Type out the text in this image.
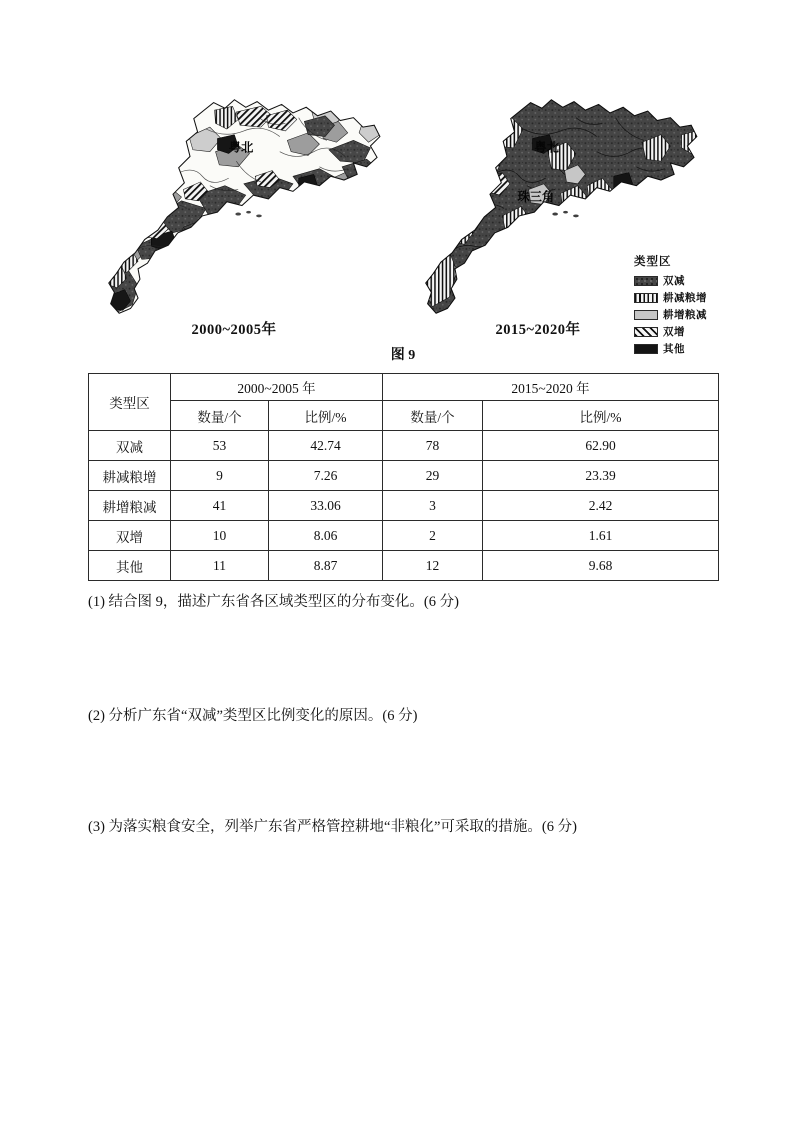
粤北
2000~2005年
粤北
珠三角
类型区
双减
耕减粮增
耕增粮减
双增
其他
2015~2020年
图 9
类型区	2000~2005 年		2015~2020 年	
	数量/个	比例/%	数量/个	比例/%
双减	53	42.74	78	62.90
耕减粮增	9	7.26	29	23.39
耕增粮减	41	33.06	3	2.42
双增	10	8.06	2	1.61
其他	11	8.87	12	9.68

(1) 结合图 9，描述广东省各区域类型区的分布变化。(6 分)

(2) 分析广东省“双减”类型区比例变化的原因。(6 分)

(3) 为落实粮食安全，列举广东省严格管控耕地“非粮化”可采取的措施。(6 分)
